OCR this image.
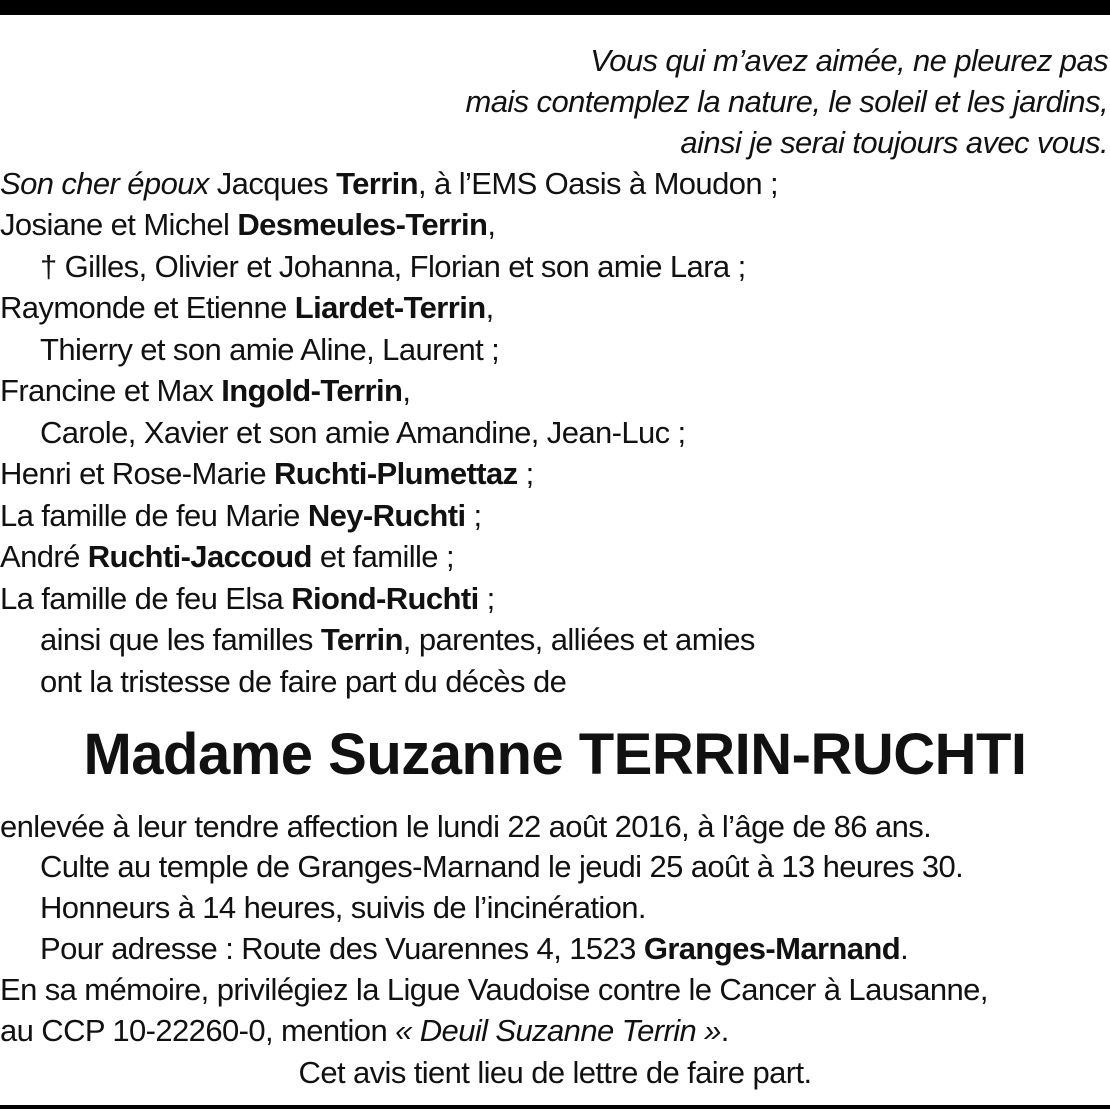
Vous qui m’avez aimée, ne pleurez pas
mais contemplez la nature, le soleil et les jardins,
ainsi je serai toujours avec vous.
Son cher époux Jacques Terrin, à l’EMS Oasis à Moudon ;
Josiane et Michel Desmeules-Terrin,
† Gilles, Olivier et Johanna, Florian et son amie Lara ;
Raymonde et Etienne Liardet-Terrin,
Thierry et son amie Aline, Laurent ;
Francine et Max Ingold-Terrin,
Carole, Xavier et son amie Amandine, Jean-Luc ;
Henri et Rose-Marie Ruchti-Plumettaz ;
La famille de feu Marie Ney-Ruchti ;
André Ruchti-Jaccoud et famille ;
La famille de feu Elsa Riond-Ruchti ;
ainsi que les familles Terrin, parentes, alliées et amies
ont la tristesse de faire part du décès de
Madame Suzanne TERRIN-RUCHTI
enlevée à leur tendre affection le lundi 22 août 2016, à l’âge de 86 ans.
Culte au temple de Granges-Marnand le jeudi 25 août à 13 heures 30.
Honneurs à 14 heures, suivis de l’incinération.
Pour adresse : Route des Vuarennes 4, 1523 Granges-Marnand.
En sa mémoire, privilégiez la Ligue Vaudoise contre le Cancer à Lausanne,
au CCP 10-22260-0, mention « Deuil Suzanne Terrin ».
Cet avis tient lieu de lettre de faire part.
